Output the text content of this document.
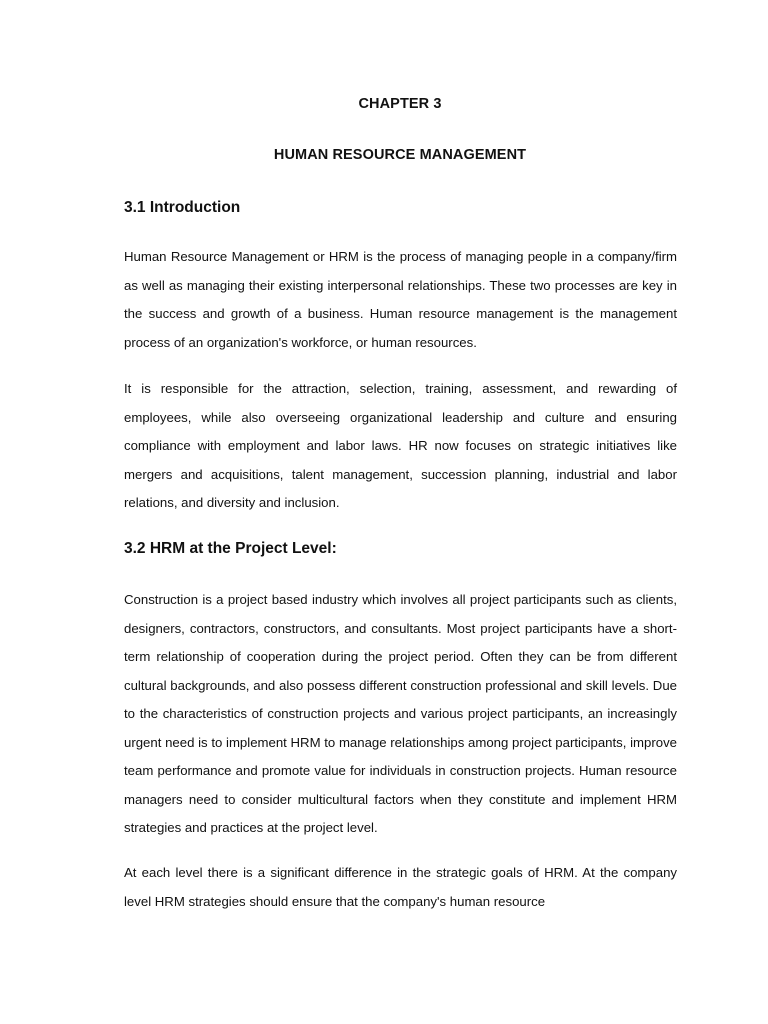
CHAPTER 3
HUMAN RESOURCE MANAGEMENT
3.1 Introduction

Human Resource Management or HRM is the process of managing people in a company/firm as well as managing their existing interpersonal relationships. These two processes are key in the success and growth of a business. Human resource management is the management process of an organization's workforce, or human resources.

It is responsible for the attraction, selection, training, assessment, and rewarding of employees, while also overseeing organizational leadership and culture and ensuring compliance with employment and labor laws. HR now focuses on strategic initiatives like mergers and acquisitions, talent management, succession planning, industrial and labor relations, and diversity and inclusion.

3.2 HRM at the Project Level:

Construction is a project based industry which involves all project participants such as clients, designers, contractors, constructors, and consultants. Most project participants have a short-term relationship of cooperation during the project period. Often they can be from different cultural backgrounds, and also possess different construction professional and skill levels. Due to the characteristics of construction projects and various project participants, an increasingly urgent need is to implement HRM to manage relationships among project participants, improve team performance and promote value for individuals in construction projects. Human resource managers need to consider multicultural factors when they constitute and implement HRM strategies and practices at the project level.

At each level there is a significant difference in the strategic goals of HRM. At the company level HRM strategies should ensure that the company's human resource
